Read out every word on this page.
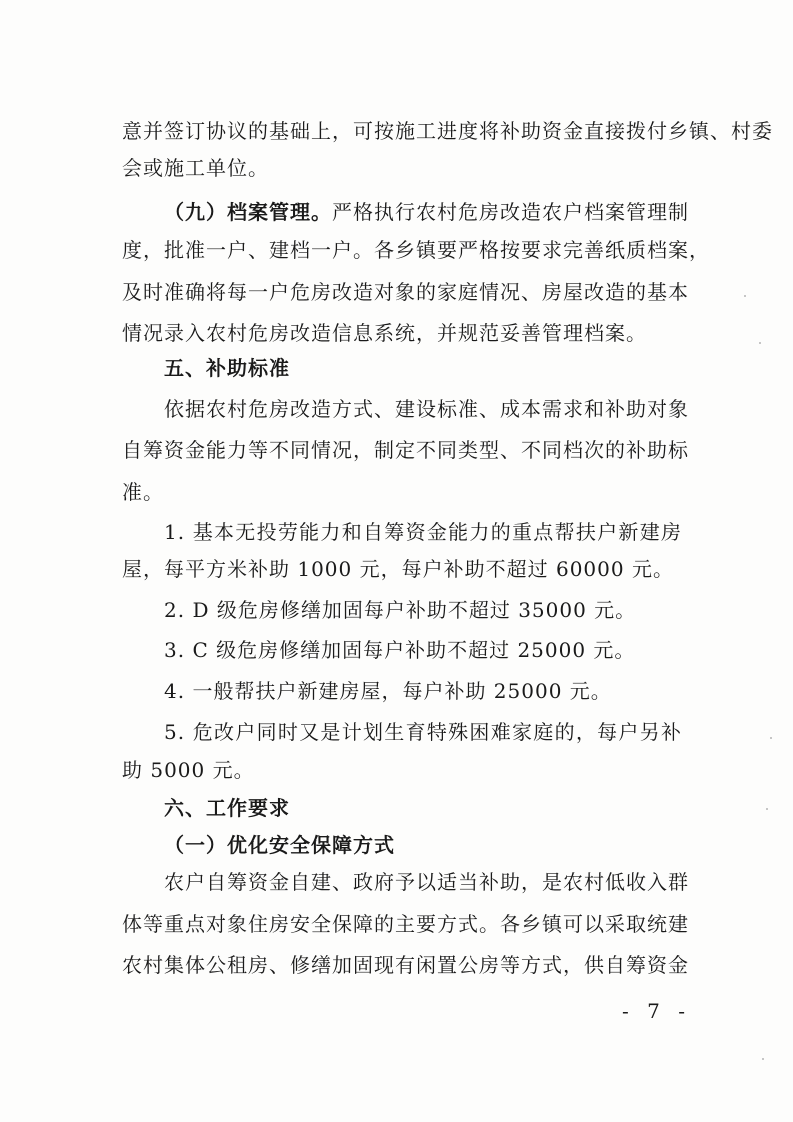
意并签订协议的基础上，可按施工进度将补助资金直接拨付乡镇、村委
会或施工单位。
（九）档案管理。严格执行农村危房改造农户档案管理制
度，批准一户、建档一户。各乡镇要严格按要求完善纸质档案，
及时准确将每一户危房改造对象的家庭情况、房屋改造的基本
情况录入农村危房改造信息系统，并规范妥善管理档案。
五、补助标准
依据农村危房改造方式、建设标准、成本需求和补助对象
自筹资金能力等不同情况，制定不同类型、不同档次的补助标
准。
1. 基本无投劳能力和自筹资金能力的重点帮扶户新建房
屋，每平方米补助 1000 元，每户补助不超过 60000 元。
2. D 级危房修缮加固每户补助不超过 35000 元。
3. C 级危房修缮加固每户补助不超过 25000 元。
4. 一般帮扶户新建房屋，每户补助 25000 元。
5. 危改户同时又是计划生育特殊困难家庭的，每户另补
助 5000 元。
六、工作要求
（一）优化安全保障方式
农户自筹资金自建、政府予以适当补助，是农村低收入群
体等重点对象住房安全保障的主要方式。各乡镇可以采取统建
农村集体公租房、修缮加固现有闲置公房等方式，供自筹资金
- 7 -
